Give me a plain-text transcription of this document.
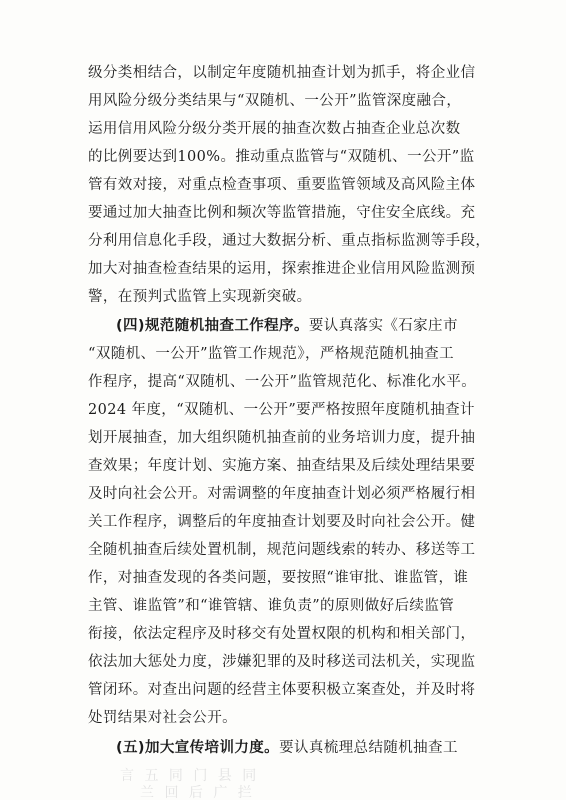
级分类相结合，以制定年度随机抽查计划为抓手，将企业信
用风险分级分类结果与“双随机、一公开”监管深度融合，
运用信用风险分级分类开展的抽查次数占抽查企业总次数
的比例要达到100%。推动重点监管与“双随机、一公开”监
管有效对接，对重点检查事项、重要监管领域及高风险主体
要通过加大抽查比例和频次等监管措施，守住安全底线。充
分利用信息化手段，通过大数据分析、重点指标监测等手段，
加大对抽查检查结果的运用，探索推进企业信用风险监测预
警，在预判式监管上实现新突破。
(四)规范随机抽查工作程序。要认真落实《石家庄市
“双随机、一公开”监管工作规范》，严格规范随机抽查工
作程序，提高“双随机、一公开”监管规范化、标准化水平。
2024 年度，“双随机、一公开”要严格按照年度随机抽查计
划开展抽查，加大组织随机抽查前的业务培训力度，提升抽
查效果；年度计划、实施方案、抽查结果及后续处理结果要
及时向社会公开。对需调整的年度抽查计划必须严格履行相
关工作程序，调整后的年度抽查计划要及时向社会公开。健
全随机抽查后续处置机制，规范问题线索的转办、移送等工
作，对抽查发现的各类问题，要按照“谁审批、谁监管，谁
主管、谁监管”和“谁管辖、谁负责”的原则做好后续监管
衔接，依法定程序及时移交有处置权限的机构和相关部门，
依法加大惩处力度，涉嫌犯罪的及时移送司法机关，实现监
管闭环。对查出问题的经营主体要积极立案查处，并及时将
处罚结果对社会公开。
(五)加大宣传培训力度。要认真梳理总结随机抽查工
言 五 同 门 县 同
兰 回 后 广 拦
